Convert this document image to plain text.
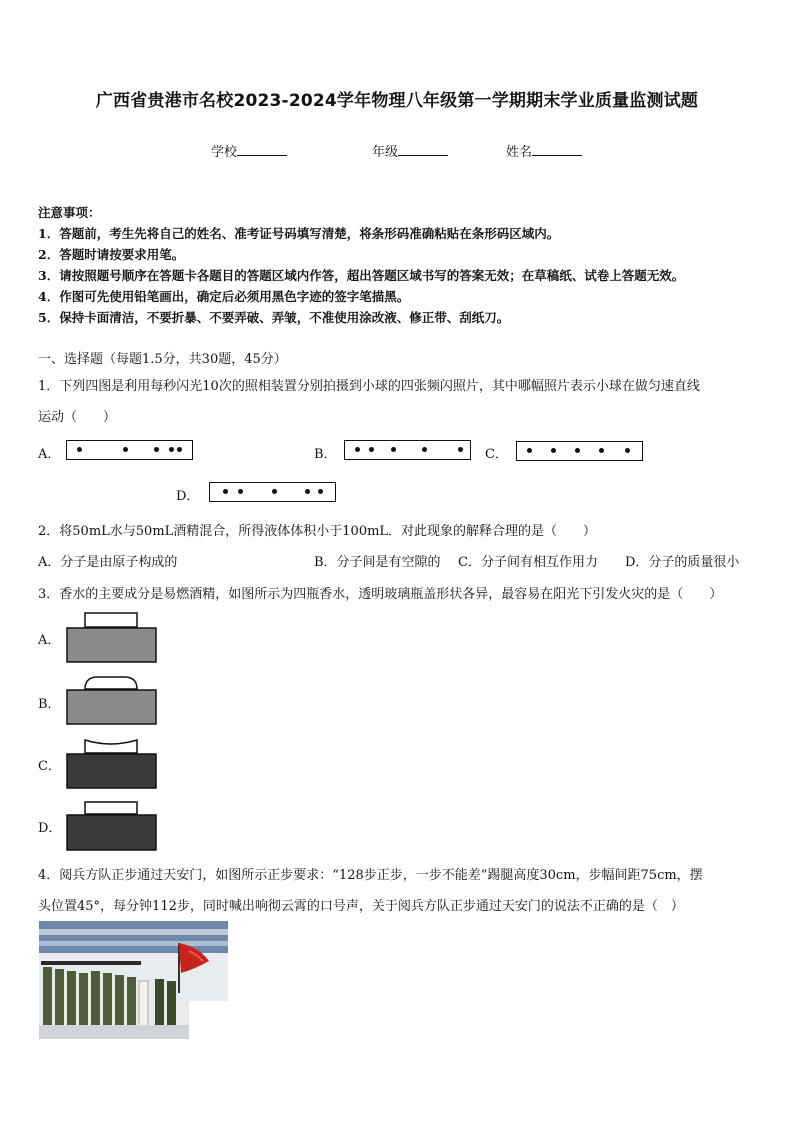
广西省贵港市名校2023-2024学年物理八年级第一学期期末学业质量监测试题
学校	年级	姓名
注意事项：
1．答题前，考生先将自己的姓名、准考证号码填写清楚，将条形码准确粘贴在条形码区域内。
2．答题时请按要求用笔。
3．请按照题号顺序在答题卡各题目的答题区域内作答，超出答题区域书写的答案无效；在草稿纸、试卷上答题无效。
4．作图可先使用铅笔画出，确定后必须用黑色字迹的签字笔描黑。
5．保持卡面清洁，不要折暴、不要弄破、弄皱，不准使用涂改液、修正带、刮纸刀。
一、选择题（每题1.5分，共30题，45分）
1．下列四图是利用每秒闪光10次的照相装置分别拍摄到小球的四张频闪照片，其中哪幅照片表示小球在做匀速直线
运动（　　）
A．	B．	C．
D．
2．将50mL水与50mL酒精混合，所得液体体积小于100mL．对此现象的解释合理的是（　　）
A．分子是由原子构成的	B．分子间是有空隙的 C．分子间有相互作用力 D．分子的质量很小
3．香水的主要成分是易燃酒精，如图所示为四瓶香水，透明玻璃瓶盖形状各异，最容易在阳光下引发火灾的是（　　）
A．
B．
C．
D．
4．阅兵方队正步通过天安门，如图所示正步要求：“128步正步，一步不能差”踢腿高度30cm，步幅间距75cm，摆
头位置45°，每分钟112步，同时喊出响彻云霄的口号声，关于阅兵方队正步通过天安门的说法不正确的是（　）
